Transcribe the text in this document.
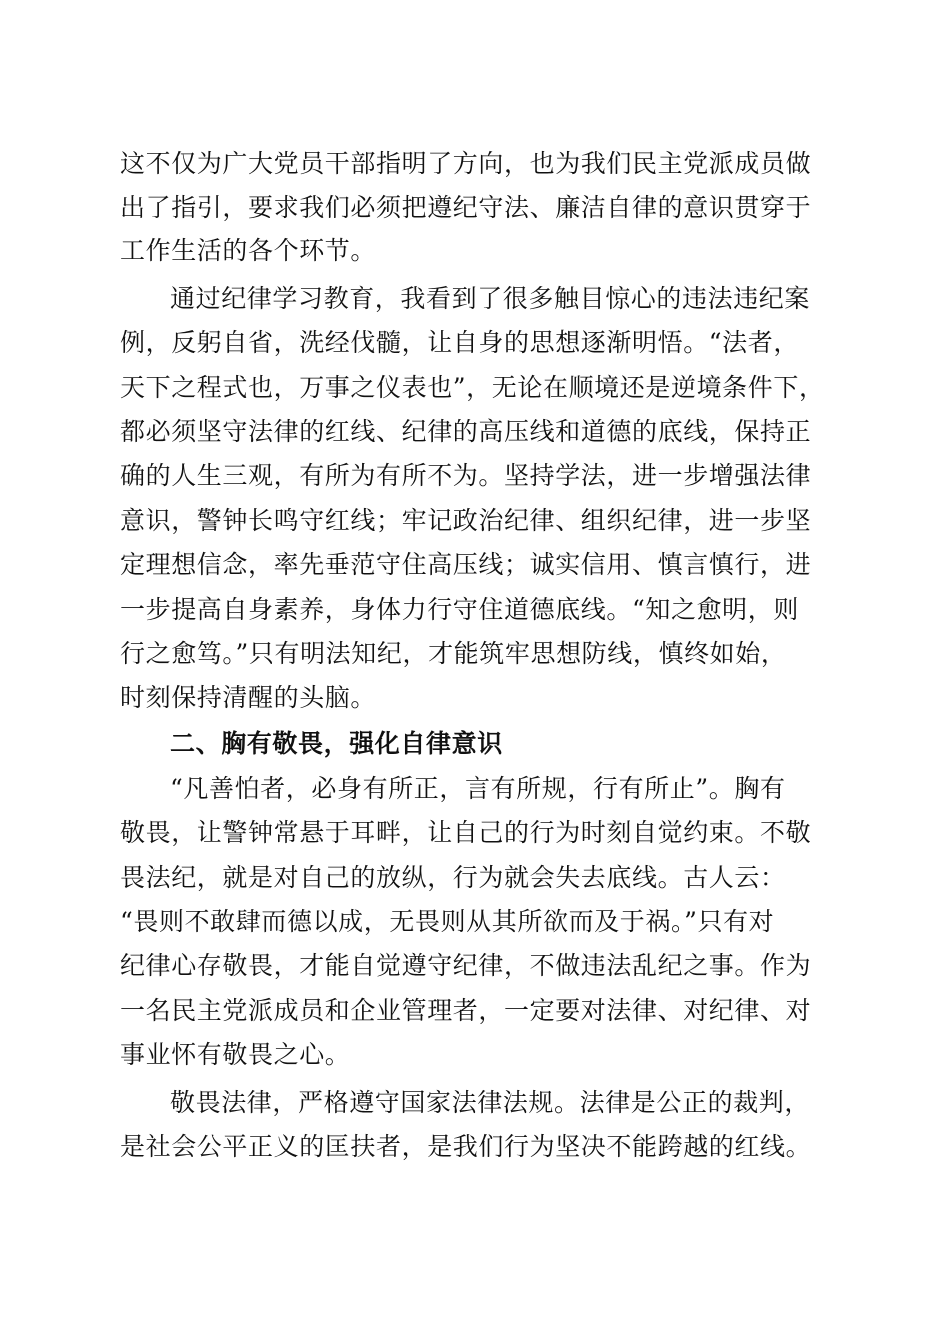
这不仅为广大党员干部指明了方向，也为我们民主党派成员做
出了指引，要求我们必须把遵纪守法、廉洁自律的意识贯穿于
工作生活的各个环节。
通过纪律学习教育，我看到了很多触目惊心的违法违纪案
例，反躬自省，洗经伐髓，让自身的思想逐渐明悟。“法者，
天下之程式也，万事之仪表也”，无论在顺境还是逆境条件下，
都必须坚守法律的红线、纪律的高压线和道德的底线，保持正
确的人生三观，有所为有所不为。坚持学法，进一步增强法律
意识，警钟长鸣守红线；牢记政治纪律、组织纪律，进一步坚
定理想信念，率先垂范守住高压线；诚实信用、慎言慎行，进
一步提高自身素养，身体力行守住道德底线。“知之愈明，则
行之愈笃。”只有明法知纪，才能筑牢思想防线，慎终如始，
时刻保持清醒的头脑。
二、胸有敬畏，强化自律意识
“凡善怕者，必身有所正，言有所规，行有所止”。胸有
敬畏，让警钟常悬于耳畔，让自己的行为时刻自觉约束。不敬
畏法纪，就是对自己的放纵，行为就会失去底线。古人云：
“畏则不敢肆而德以成，无畏则从其所欲而及于祸。”只有对
纪律心存敬畏，才能自觉遵守纪律，不做违法乱纪之事。作为
一名民主党派成员和企业管理者，一定要对法律、对纪律、对
事业怀有敬畏之心。
敬畏法律，严格遵守国家法律法规。法律是公正的裁判，
是社会公平正义的匡扶者，是我们行为坚决不能跨越的红线。
